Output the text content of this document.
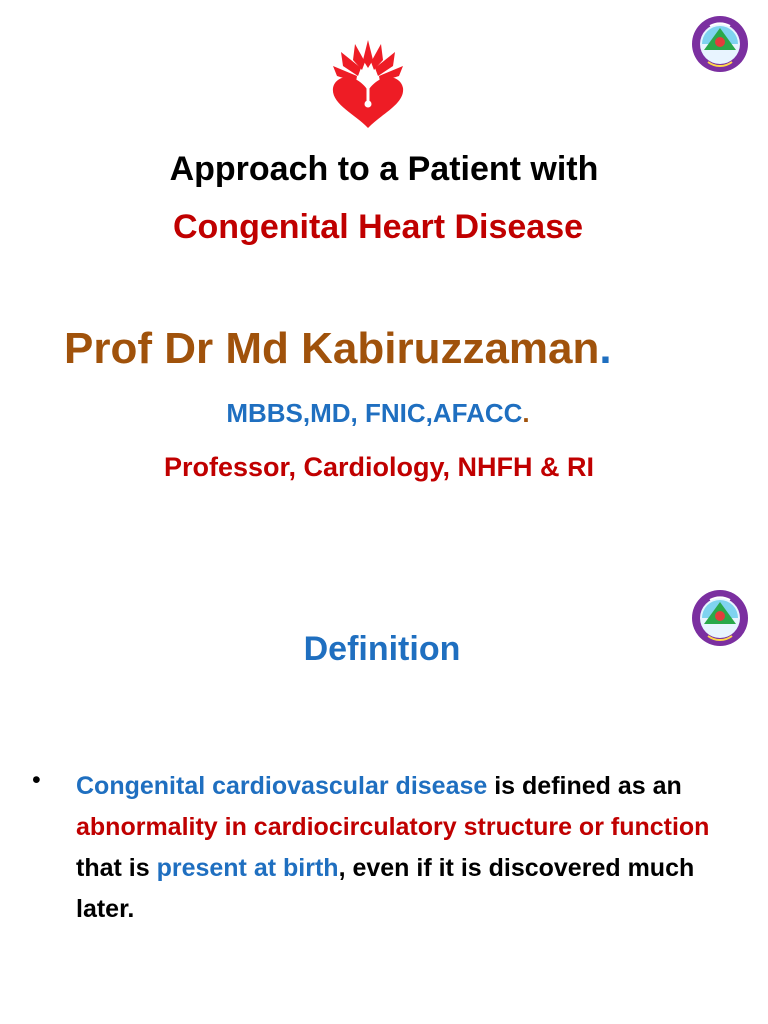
Approach to a Patient with
Congenital Heart Disease
Prof Dr Md Kabiruzzaman.
MBBS,MD, FNIC,AFACC.
Professor, Cardiology, NHFH & RI
Definition
• Congenital cardiovascular disease is defined as an abnormality in cardiocirculatory structure or function that is present at birth, even if it is discovered much later.
